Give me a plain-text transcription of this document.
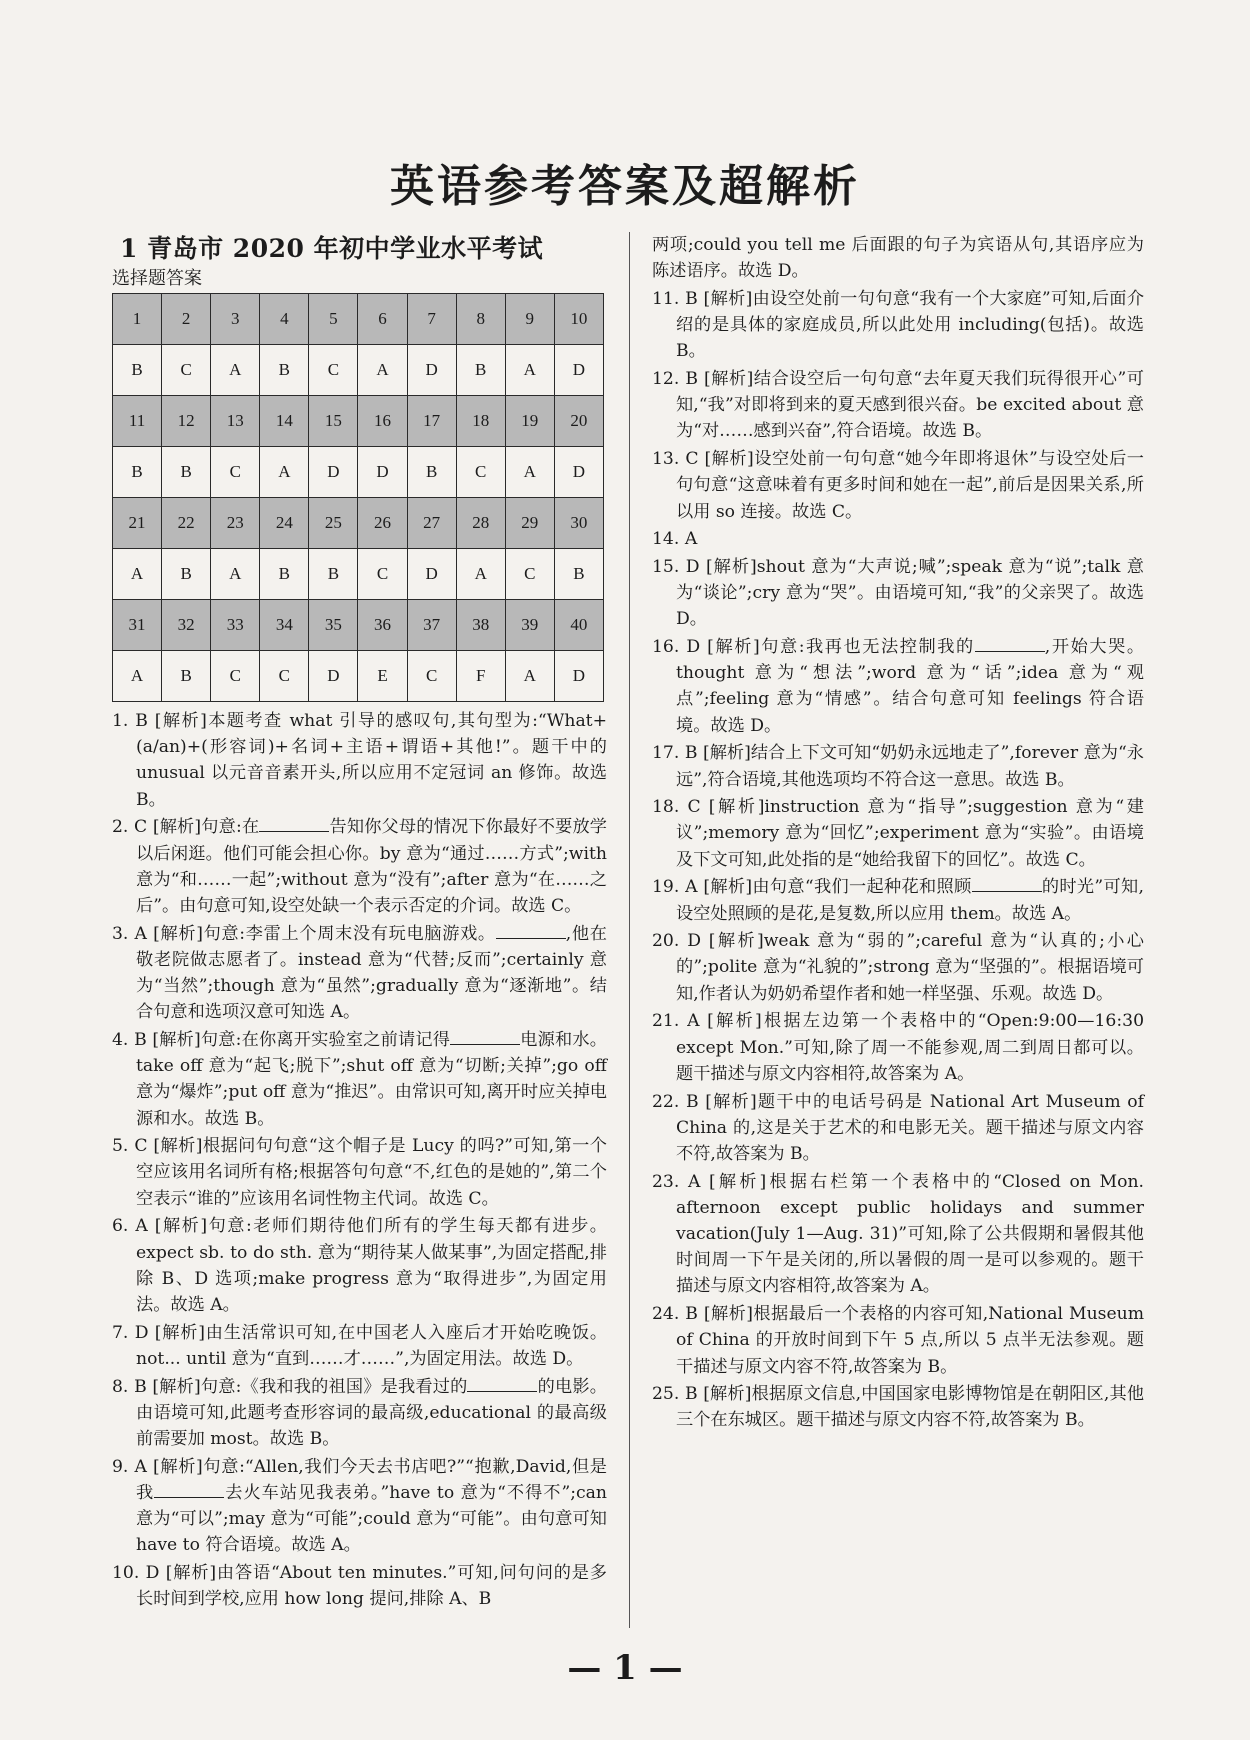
英语参考答案及超解析
1 青岛市 2020 年初中学业水平考试
选择题答案
1	2	3	4	5	6	7	8	9	10
B	C	A	B	C	A	D	B	A	D
11	12	13	14	15	16	17	18	19	20
B	B	C	A	D	D	B	C	A	D
21	22	23	24	25	26	27	28	29	30
A	B	A	B	B	C	D	A	C	B
31	32	33	34	35	36	37	38	39	40
A	B	C	C	D	E	C	F	A	D
1. B [解析]本题考查 what 引导的感叹句,其句型为:“What+(a/an)+(形容词)+名词+主语+谓语+其他!”。题干中的 unusual 以元音音素开头,所以应用不定冠词 an 修饰。故选 B。
2. C [解析]句意:在	告知你父母的情况下你最好不要放学以后闲逛。他们可能会担心你。by 意为“通过……方式”;with 意为“和……一起”;without 意为“没有”;after 意为“在……之后”。由句意可知,设空处缺一个表示否定的介词。故选 C。
3. A [解析]句意:李雷上个周末没有玩电脑游戏。	,他在敬老院做志愿者了。instead 意为“代替;反而”;certainly 意为“当然”;though 意为“虽然”;gradually 意为“逐渐地”。结合句意和选项汉意可知选 A。
4. B [解析]句意:在你离开实验室之前请记得	电源和水。take off 意为“起飞;脱下”;shut off 意为“切断;关掉”;go off 意为“爆炸”;put off 意为“推迟”。由常识可知,离开时应关掉电源和水。故选 B。
5. C [解析]根据问句句意“这个帽子是 Lucy 的吗?”可知,第一个空应该用名词所有格;根据答句句意“不,红色的是她的”,第二个空表示“谁的”应该用名词性物主代词。故选 C。
6. A [解析]句意:老师们期待他们所有的学生每天都有进步。expect sb. to do sth. 意为“期待某人做某事”,为固定搭配,排除 B、D 选项;make progress 意为“取得进步”,为固定用法。故选 A。
7. D [解析]由生活常识可知,在中国老人入座后才开始吃晚饭。not... until 意为“直到……才……”,为固定用法。故选 D。
8. B [解析]句意:《我和我的祖国》是我看过的	的电影。由语境可知,此题考查形容词的最高级,educational 的最高级前需要加 most。故选 B。
9. A [解析]句意:“Allen,我们今天去书店吧?”“抱歉,David,但是我	去火车站见我表弟。”have to 意为“不得不”;can 意为“可以”;may 意为“可能”;could 意为“可能”。由句意可知 have to 符合语境。故选 A。
10. D [解析]由答语“About ten minutes.”可知,问句问的是多长时间到学校,应用 how long 提问,排除 A、B
两项;could you tell me 后面跟的句子为宾语从句,其语序应为陈述语序。故选 D。
11. B [解析]由设空处前一句句意“我有一个大家庭”可知,后面介绍的是具体的家庭成员,所以此处用 including(包括)。故选 B。
12. B [解析]结合设空后一句句意“去年夏天我们玩得很开心”可知,“我”对即将到来的夏天感到很兴奋。be excited about 意为“对……感到兴奋”,符合语境。故选 B。
13. C [解析]设空处前一句句意“她今年即将退休”与设空处后一句句意“这意味着有更多时间和她在一起”,前后是因果关系,所以用 so 连接。故选 C。
14. A
15. D [解析]shout 意为“大声说;喊”;speak 意为“说”;talk 意为“谈论”;cry 意为“哭”。由语境可知,“我”的父亲哭了。故选 D。
16. D [解析]句意:我再也无法控制我的	,开始大哭。thought 意为“想法”;word 意为“话”;idea 意为“观点”;feeling 意为“情感”。结合句意可知 feelings 符合语境。故选 D。
17. B [解析]结合上下文可知“奶奶永远地走了”,forever 意为“永远”,符合语境,其他选项均不符合这一意思。故选 B。
18. C [解析]instruction 意为“指导”;suggestion 意为“建议”;memory 意为“回忆”;experiment 意为“实验”。由语境及下文可知,此处指的是“她给我留下的回忆”。故选 C。
19. A [解析]由句意“我们一起种花和照顾	的时光”可知,设空处照顾的是花,是复数,所以应用 them。故选 A。
20. D [解析]weak 意为“弱的”;careful 意为“认真的;小心的”;polite 意为“礼貌的”;strong 意为“坚强的”。根据语境可知,作者认为奶奶希望作者和她一样坚强、乐观。故选 D。
21. A [解析]根据左边第一个表格中的“Open:9:00—16:30 except Mon.”可知,除了周一不能参观,周二到周日都可以。题干描述与原文内容相符,故答案为 A。
22. B [解析]题干中的电话号码是 National Art Museum of China 的,这是关于艺术的和电影无关。题干描述与原文内容不符,故答案为 B。
23. A [解析]根据右栏第一个表格中的“Closed on Mon. afternoon except public holidays and summer vacation(July 1—Aug. 31)”可知,除了公共假期和暑假其他时间周一下午是关闭的,所以暑假的周一是可以参观的。题干描述与原文内容相符,故答案为 A。
24. B [解析]根据最后一个表格的内容可知,National Museum of China 的开放时间到下午 5 点,所以 5 点半无法参观。题干描述与原文内容不符,故答案为 B。
25. B [解析]根据原文信息,中国国家电影博物馆是在朝阳区,其他三个在东城区。题干描述与原文内容不符,故答案为 B。
— 1 —
